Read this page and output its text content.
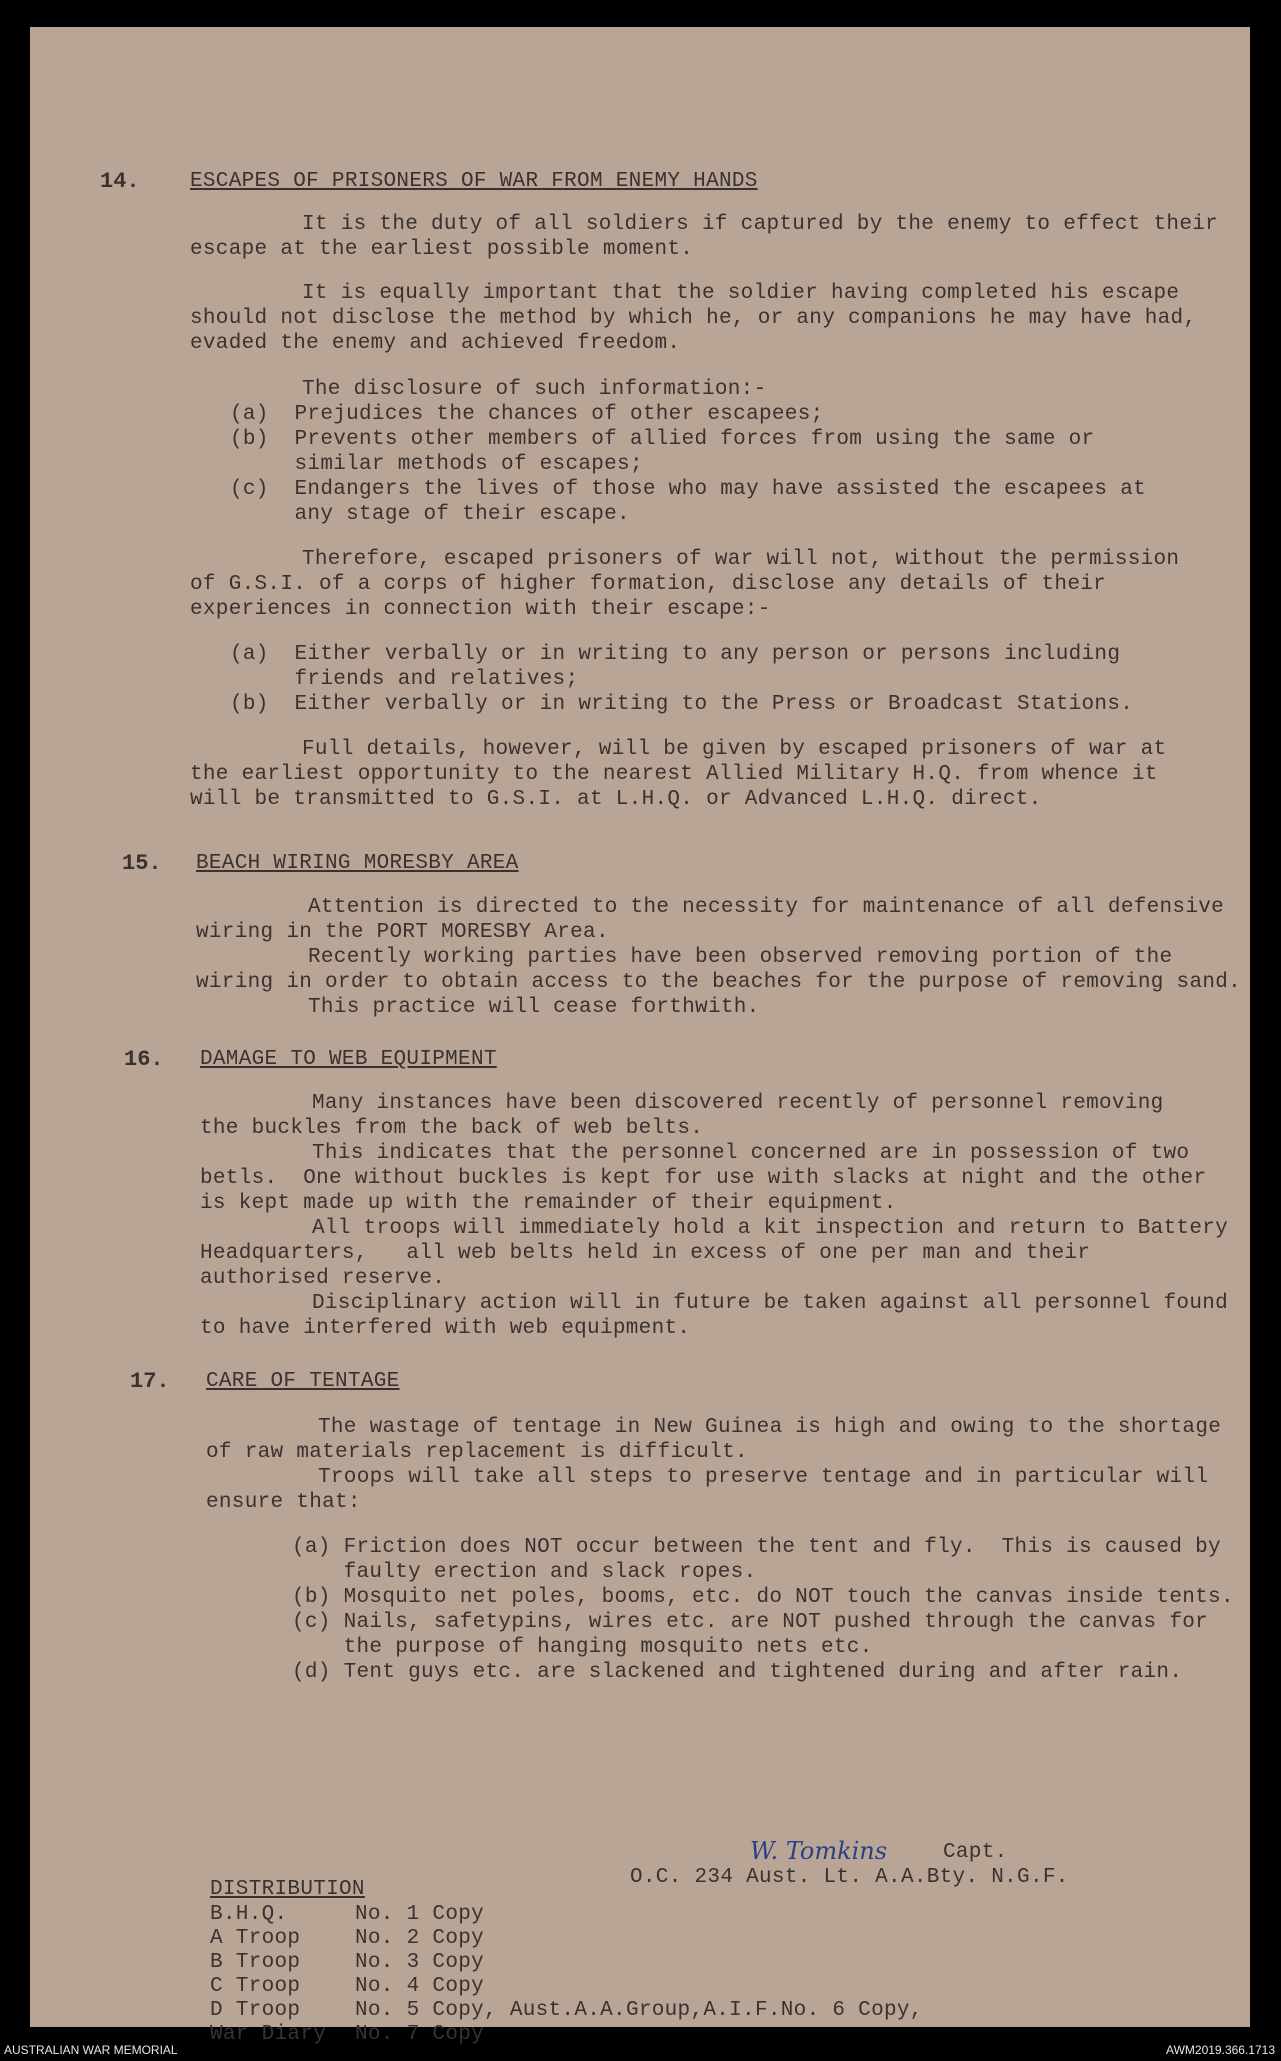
14. ESCAPES OF PRISONERS OF WAR FROM ENEMY HANDS
It is the duty of all soldiers if captured by the enemy to effect their
escape at the earliest possible moment.
It is equally important that the soldier having completed his escape
should not disclose the method by which he, or any companions he may have had,
evaded the enemy and achieved freedom.
The disclosure of such information:-
(a)  Prejudices the chances of other escapees;
(b)  Prevents other members of allied forces from using the same or
similar methods of escapes;
(c)  Endangers the lives of those who may have assisted the escapees at
any stage of their escape.
Therefore, escaped prisoners of war will not, without the permission
of G.S.I. of a corps of higher formation, disclose any details of their
experiences in connection with their escape:-
(a)  Either verbally or in writing to any person or persons including
friends and relatives;
(b)  Either verbally or in writing to the Press or Broadcast Stations.
Full details, however, will be given by escaped prisoners of war at
the earliest opportunity to the nearest Allied Military H.Q. from whence it
will be transmitted to G.S.I. at L.H.Q. or Advanced L.H.Q. direct.
15. BEACH WIRING MORESBY AREA
Attention is directed to the necessity for maintenance of all defensive
wiring in the PORT MORESBY Area.
Recently working parties have been observed removing portion of the
wiring in order to obtain access to the beaches for the purpose of removing sand.
This practice will cease forthwith.
16. DAMAGE TO WEB EQUIPMENT
Many instances have been discovered recently of personnel removing
the buckles from the back of web belts.
This indicates that the personnel concerned are in possession of two
betls.  One without buckles is kept for use with slacks at night and the other
is kept made up with the remainder of their equipment.
All troops will immediately hold a kit inspection and return to Battery
Headquarters,   all web belts held in excess of one per man and their
authorised reserve.
Disciplinary action will in future be taken against all personnel found
to have interfered with web equipment.
17. CARE OF TENTAGE
The wastage of tentage in New Guinea is high and owing to the shortage
of raw materials replacement is difficult.
Troops will take all steps to preserve tentage and in particular will
ensure that:
(a) Friction does NOT occur between the tent and fly.  This is caused by
faulty erection and slack ropes.
(b) Mosquito net poles, booms, etc. do NOT touch the canvas inside tents.
(c) Nails, safetypins, wires etc. are NOT pushed through the canvas for
the purpose of hanging mosquito nets etc.
(d) Tent guys etc. are slackened and tightened during and after rain.
W. Tomkins	Capt.
O.C. 234 Aust. Lt. A.A.Bty. N.G.F.
DISTRIBUTION
B.H.Q.	No. 1 Copy
A Troop	No. 2 Copy
B Troop	No. 3 Copy
C Troop	No. 4 Copy
D Troop	No. 5 Copy, Aust.A.A.Group,A.I.F.No. 6 Copy,
War Diary No. 7 Copy
AUSTRALIAN WAR MEMORIAL	AWM2019.366.1713
